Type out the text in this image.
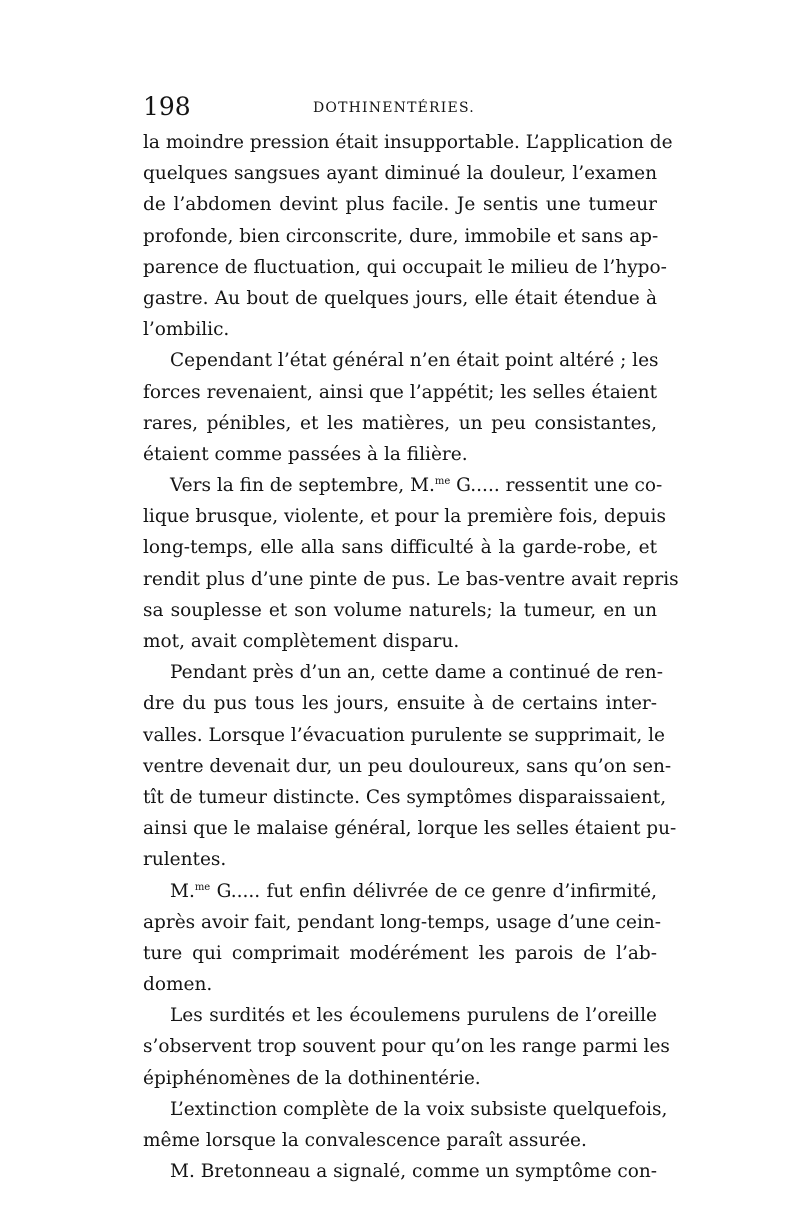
198	DOTHINENTÉRIES.

la moindre pression était insupportable. L’application de
quelques sangsues ayant diminué la douleur, l’examen
de l’abdomen devint plus facile. Je sentis une tumeur
profonde, bien circonscrite, dure, immobile et sans ap-
parence de fluctuation, qui occupait le milieu de l’hypo-
gastre. Au bout de quelques jours, elle était étendue à
l’ombilic.

Cependant l’état général n’en était point altéré ; les
forces revenaient, ainsi que l’appétit; les selles étaient
rares, pénibles, et les matières, un peu consistantes,
étaient comme passées à la filière.

Vers la fin de septembre, M.$^{me}$ G..... ressentit une co-
lique brusque, violente, et pour la première fois, depuis
long-temps, elle alla sans difficulté à la garde-robe, et
rendit plus d’une pinte de pus. Le bas-ventre avait repris
sa souplesse et son volume naturels; la tumeur, en un
mot, avait complètement disparu.

Pendant près d’un an, cette dame a continué de ren-
dre du pus tous les jours, ensuite à de certains inter-
valles. Lorsque l’évacuation purulente se supprimait, le
ventre devenait dur, un peu douloureux, sans qu’on sen-
tît de tumeur distincte. Ces symptômes disparaissaient,
ainsi que le malaise général, lorque les selles étaient pu-
rulentes.

M.$^{me}$ G..... fut enfin délivrée de ce genre d’infirmité,
après avoir fait, pendant long-temps, usage d’une cein-
ture qui comprimait modérément les parois de l’ab-
domen.

Les surdités et les écoulemens purulens de l’oreille
s’observent trop souvent pour qu’on les range parmi les
épiphénomènes de la dothinentérie.

L’extinction complète de la voix subsiste quelquefois,
même lorsque la convalescence paraît assurée.

M. Bretonneau a signalé, comme un symptôme con-
